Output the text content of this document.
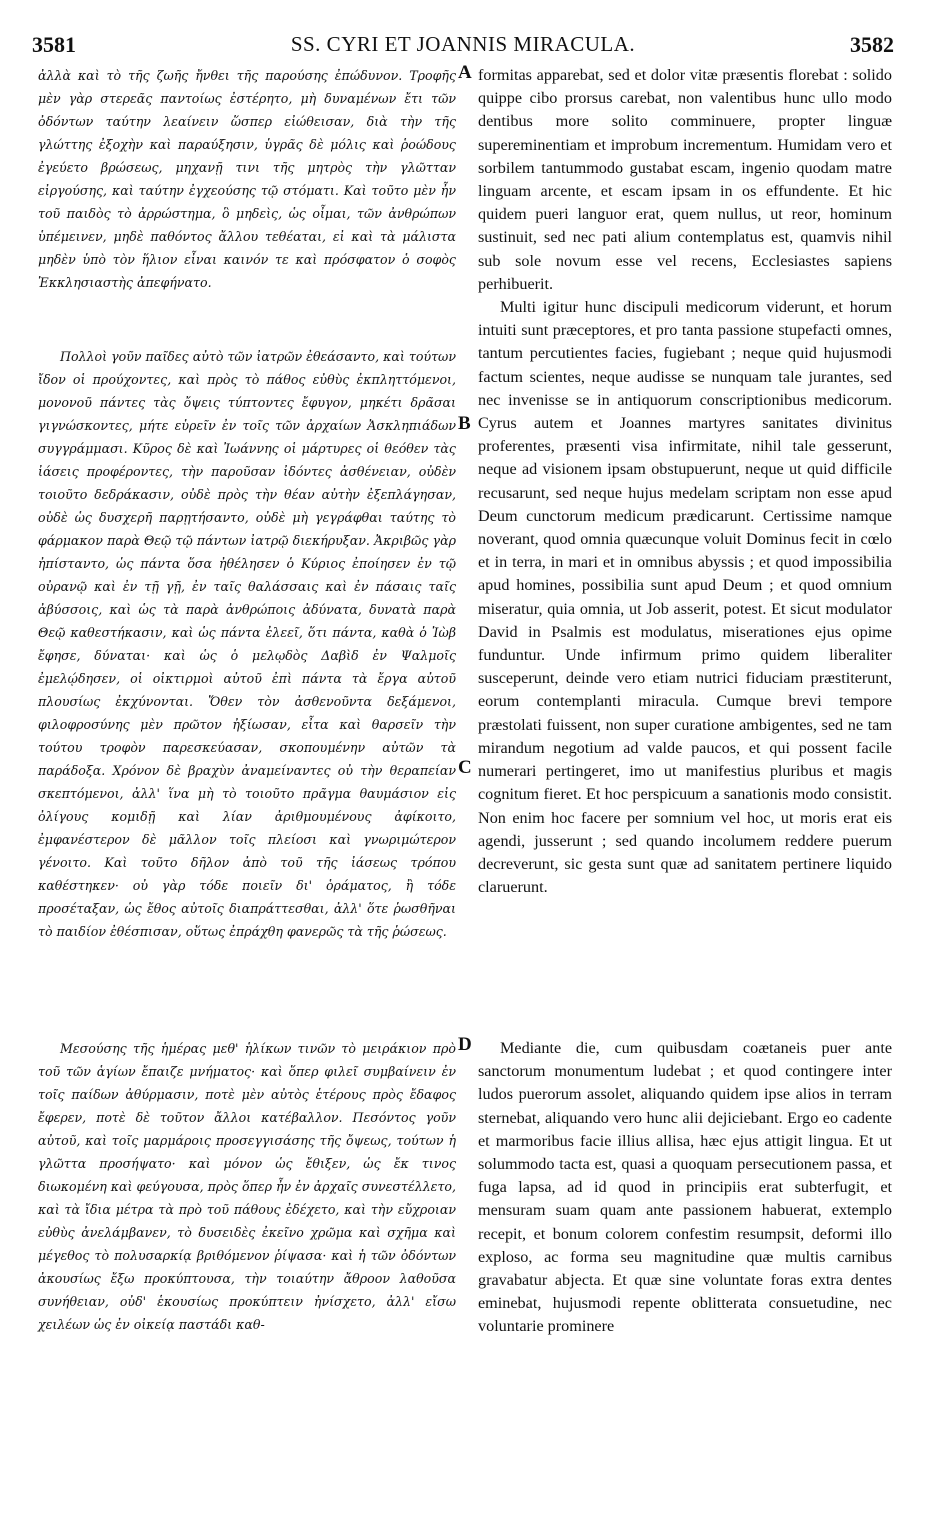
3581	SS. CYRI ET JOANNIS MIRACULA.	3582

ἀλλὰ καὶ τὸ τῆς ζωῆς ἤνθει τῆς παρούσης ἐπώδυνον. Τροφῆς μὲν γὰρ στερεᾶς παντοίως ἐστέρητο, μὴ δυναμένων ἔτι τῶν ὀδόντων ταύτην λεαίνειν ὥσπερ εἰώθεισαν, διὰ τὴν τῆς γλώττης ἐξοχὴν καὶ παραύξησιν, ὑγρᾶς δὲ μόλις καὶ ῥοώδους ἐγεύετο βρώσεως, μηχανῇ τινι τῆς μητρὸς τὴν γλῶτταν εἰργούσης, καὶ ταύτην ἐγχεούσης τῷ στόματι. Καὶ τοῦτο μὲν ἦν τοῦ παιδὸς τὸ ἀρρώστημα, ὃ μηδεὶς, ὡς οἶμαι, τῶν ἀνθρώπων ὑπέμεινεν, μηδὲ παθόντος ἄλλου τεθέαται, εἰ καὶ τὰ μάλιστα μηδὲν ὑπὸ τὸν ἥλιον εἶναι καινόν τε καὶ πρόσφατον ὁ σοφὸς Ἐκκλησιαστὴς ἀπεφήνατο.

Πολλοὶ γοῦν παῖδες αὐτὸ τῶν ἰατρῶν ἐθεάσαντο, καὶ τούτων ἴδον οἱ προύχοντες, καὶ πρὸς τὸ πάθος εὐθὺς ἐκπληττόμενοι, μονονοῦ πάντες τὰς ὄψεις τύπτοντες ἔφυγον, μηκέτι δρᾶσαι γιγνώσκοντες, μήτε εὑρεῖν ἐν τοῖς τῶν ἀρχαίων Ἀσκληπιάδων συγγράμμασι. Κῦρος δὲ καὶ Ἰωάννης οἱ μάρτυρες οἱ θεόθεν τὰς ἰάσεις προφέροντες, τὴν παροῦσαν ἰδόντες ἀσθένειαν, οὐδὲν τοιοῦτο δεδράκασιν, οὐδὲ πρὸς τὴν θέαν αὐτὴν ἐξεπλάγησαν, οὐδὲ ὡς δυσχερῆ παρῃτήσαντο, οὐδὲ μὴ γεγράφθαι ταύτης τὸ φάρμακον παρὰ Θεῷ τῷ πάντων ἰατρῷ διεκήρυξαν. Ἀκριβῶς γὰρ ἠπίσταντο, ὡς πάντα ὅσα ἠθέλησεν ὁ Κύριος ἐποίησεν ἐν τῷ οὐρανῷ καὶ ἐν τῇ γῇ, ἐν ταῖς θαλάσσαις καὶ ἐν πάσαις ταῖς ἀβύσσοις, καὶ ὡς τὰ παρὰ ἀνθρώποις ἀδύνατα, δυνατὰ παρὰ Θεῷ καθεστήκασιν, καὶ ὡς πάντα ἐλεεῖ, ὅτι πάντα, καθὰ ὁ Ἰὼβ ἔφησε, δύναται· καὶ ὡς ὁ μελῳδὸς Δαβὶδ ἐν Ψαλμοῖς ἐμελῴδησεν, οἱ οἰκτιρμοὶ αὐτοῦ ἐπὶ πάντα τὰ ἔργα αὐτοῦ πλουσίως ἐκχύνονται. Ὅθεν τὸν ἀσθενοῦντα δεξάμενοι, φιλοφροσύνης μὲν πρῶτον ἠξίωσαν, εἶτα καὶ θαρσεῖν τὴν τούτου τροφὸν παρεσκεύασαν, σκοπουμένην αὐτῶν τὰ παράδοξα. Χρόνον δὲ βραχὺν ἀναμείναντες οὐ τὴν θεραπείαν σκεπτόμενοι, ἀλλ' ἵνα μὴ τὸ τοιοῦτο πρᾶγμα θαυμάσιον εἰς ὀλίγους κομιδῇ καὶ λίαν ἀριθμουμένους ἀφίκοιτο, ἐμφανέστερον δὲ μᾶλλον τοῖς πλείοσι καὶ γνωριμώτερον γένοιτο. Καὶ τοῦτο δῆλον ἀπὸ τοῦ τῆς ἰάσεως τρόπου καθέστηκεν· οὐ γὰρ τόδε ποιεῖν δι' ὁράματος, ἢ τόδε προσέταξαν, ὡς ἔθος αὐτοῖς διαπράττεσθαι, ἀλλ' ὅτε ῥωσθῆναι τὸ παιδίον ἐθέσπισαν, οὕτως ἐπράχθη φανερῶς τὰ τῆς ῥώσεως.

Μεσούσης τῆς ἡμέρας μεθ' ἡλίκων τινῶν τὸ μειράκιον πρὸ τοῦ τῶν ἁγίων ἔπαιζε μνήματος· καὶ ὅπερ φιλεῖ συμβαίνειν ἐν τοῖς παίδων ἀθύρμασιν, ποτὲ μὲν αὐτὸς ἑτέρους πρὸς ἔδαφος ἔφερεν, ποτὲ δὲ τοῦτον ἄλλοι κατέβαλλον. Πεσόντος γοῦν αὐτοῦ, καὶ τοῖς μαρμάροις προσεγγισάσης τῆς ὄψεως, τούτων ἡ γλῶττα προσήψατο· καὶ μόνον ὡς ἔθιξεν, ὡς ἔκ τινος διωκομένη καὶ φεύγουσα, πρὸς ὅπερ ἦν ἐν ἀρχαῖς συνεστέλλετο, καὶ τὰ ἴδια μέτρα τὰ πρὸ τοῦ πάθους ἐδέχετο, καὶ τὴν εὔχροιαν εὐθὺς ἀνελάμβανεν, τὸ δυσειδὲς ἐκεῖνο χρῶμα καὶ σχῆμα καὶ μέγεθος τὸ πολυσαρκίᾳ βριθόμενον ῥίψασα· καὶ ἡ τῶν ὀδόντων ἀκουσίως ἔξω προκύπτουσα, τὴν τοιαύτην ἄθροον λαθοῦσα συνήθειαν, οὐδ' ἑκουσίως προκύπτειν ἠνίσχετο, ἀλλ' εἴσω χειλέων ὡς ἐν οἰκείᾳ παστάδι καθ-

formitas apparebat, sed et dolor vitæ præsentis florebat : solido quippe cibo prorsus carebat, non valentibus hunc ullo modo dentibus more solito comminuere, propter linguæ supereminentiam et improbum incrementum. Humidam vero et sorbilem tantummodo gustabat escam, ingenio quodam matre linguam arcente, et escam ipsam in os effundente. Et hic quidem pueri languor erat, quem nullus, ut reor, hominum sustinuit, sed nec pati alium contemplatus est, quamvis nihil sub sole novum esse vel recens, Ecclesiastes sapiens perhibuerit.

Multi igitur hunc discipuli medicorum viderunt, et horum intuiti sunt præceptores, et pro tanta passione stupefacti omnes, tantum percutientes facies, fugiebant ; neque quid hujusmodi factum scientes, neque audisse se nunquam tale jurantes, sed nec invenisse se in antiquorum conscriptionibus medicorum. Cyrus autem et Joannes martyres sanitates divinitus proferentes, præsenti visa infirmitate, nihil tale gesserunt, neque ad visionem ipsam obstupuerunt, neque ut quid difficile recusarunt, sed neque hujus medelam scriptam non esse apud Deum cunctorum medicum prædicarunt. Certissime namque noverant, quod omnia quæcunque voluit Dominus fecit in cœlo et in terra, in mari et in omnibus abyssis ; et quod impossibilia apud homines, possibilia sunt apud Deum ; et quod omnium miseratur, quia omnia, ut Job asserit, potest. Et sicut modulator David in Psalmis est modulatus, miserationes ejus opime funduntur. Unde infirmum primo quidem liberaliter susceperunt, deinde vero etiam nutrici fiduciam præstiterunt, eorum contemplanti miracula. Cumque brevi tempore præstolati fuissent, non super curatione ambigentes, sed ne tam mirandum negotium ad valde paucos, et qui possent facile numerari pertingeret, imo ut manifestius pluribus et magis cognitum fieret. Et hoc perspicuum a sanationis modo consistit. Non enim hoc facere per somnium vel hoc, ut moris erat eis agendi, jusserunt ; sed quando incolumem reddere puerum decreverunt, sic gesta sunt quæ ad sanitatem pertinere liquido claruerunt.

Mediante die, cum quibusdam coætaneis puer ante sanctorum monumentum ludebat ; et quod contingere inter ludos puerorum assolet, aliquando quidem ipse alios in terram sternebat, aliquando vero hunc alii dejiciebant. Ergo eo cadente et marmoribus facie illius allisa, hæc ejus attigit lingua. Et ut solummodo tacta est, quasi a quoquam persecutionem passa, et fuga lapsa, ad id quod in principiis erat subterfugit, et mensuram suam quam ante passionem habuerat, extemplo recepit, et bonum colorem confestim resumpsit, deformi illo exploso, ac forma seu magnitudine quæ multis carnibus gravabatur abjecta. Et quæ sine voluntate foras extra dentes eminebat, hujusmodi repente oblitterata consuetudine, nec voluntarie prominere

A
B
C
D
